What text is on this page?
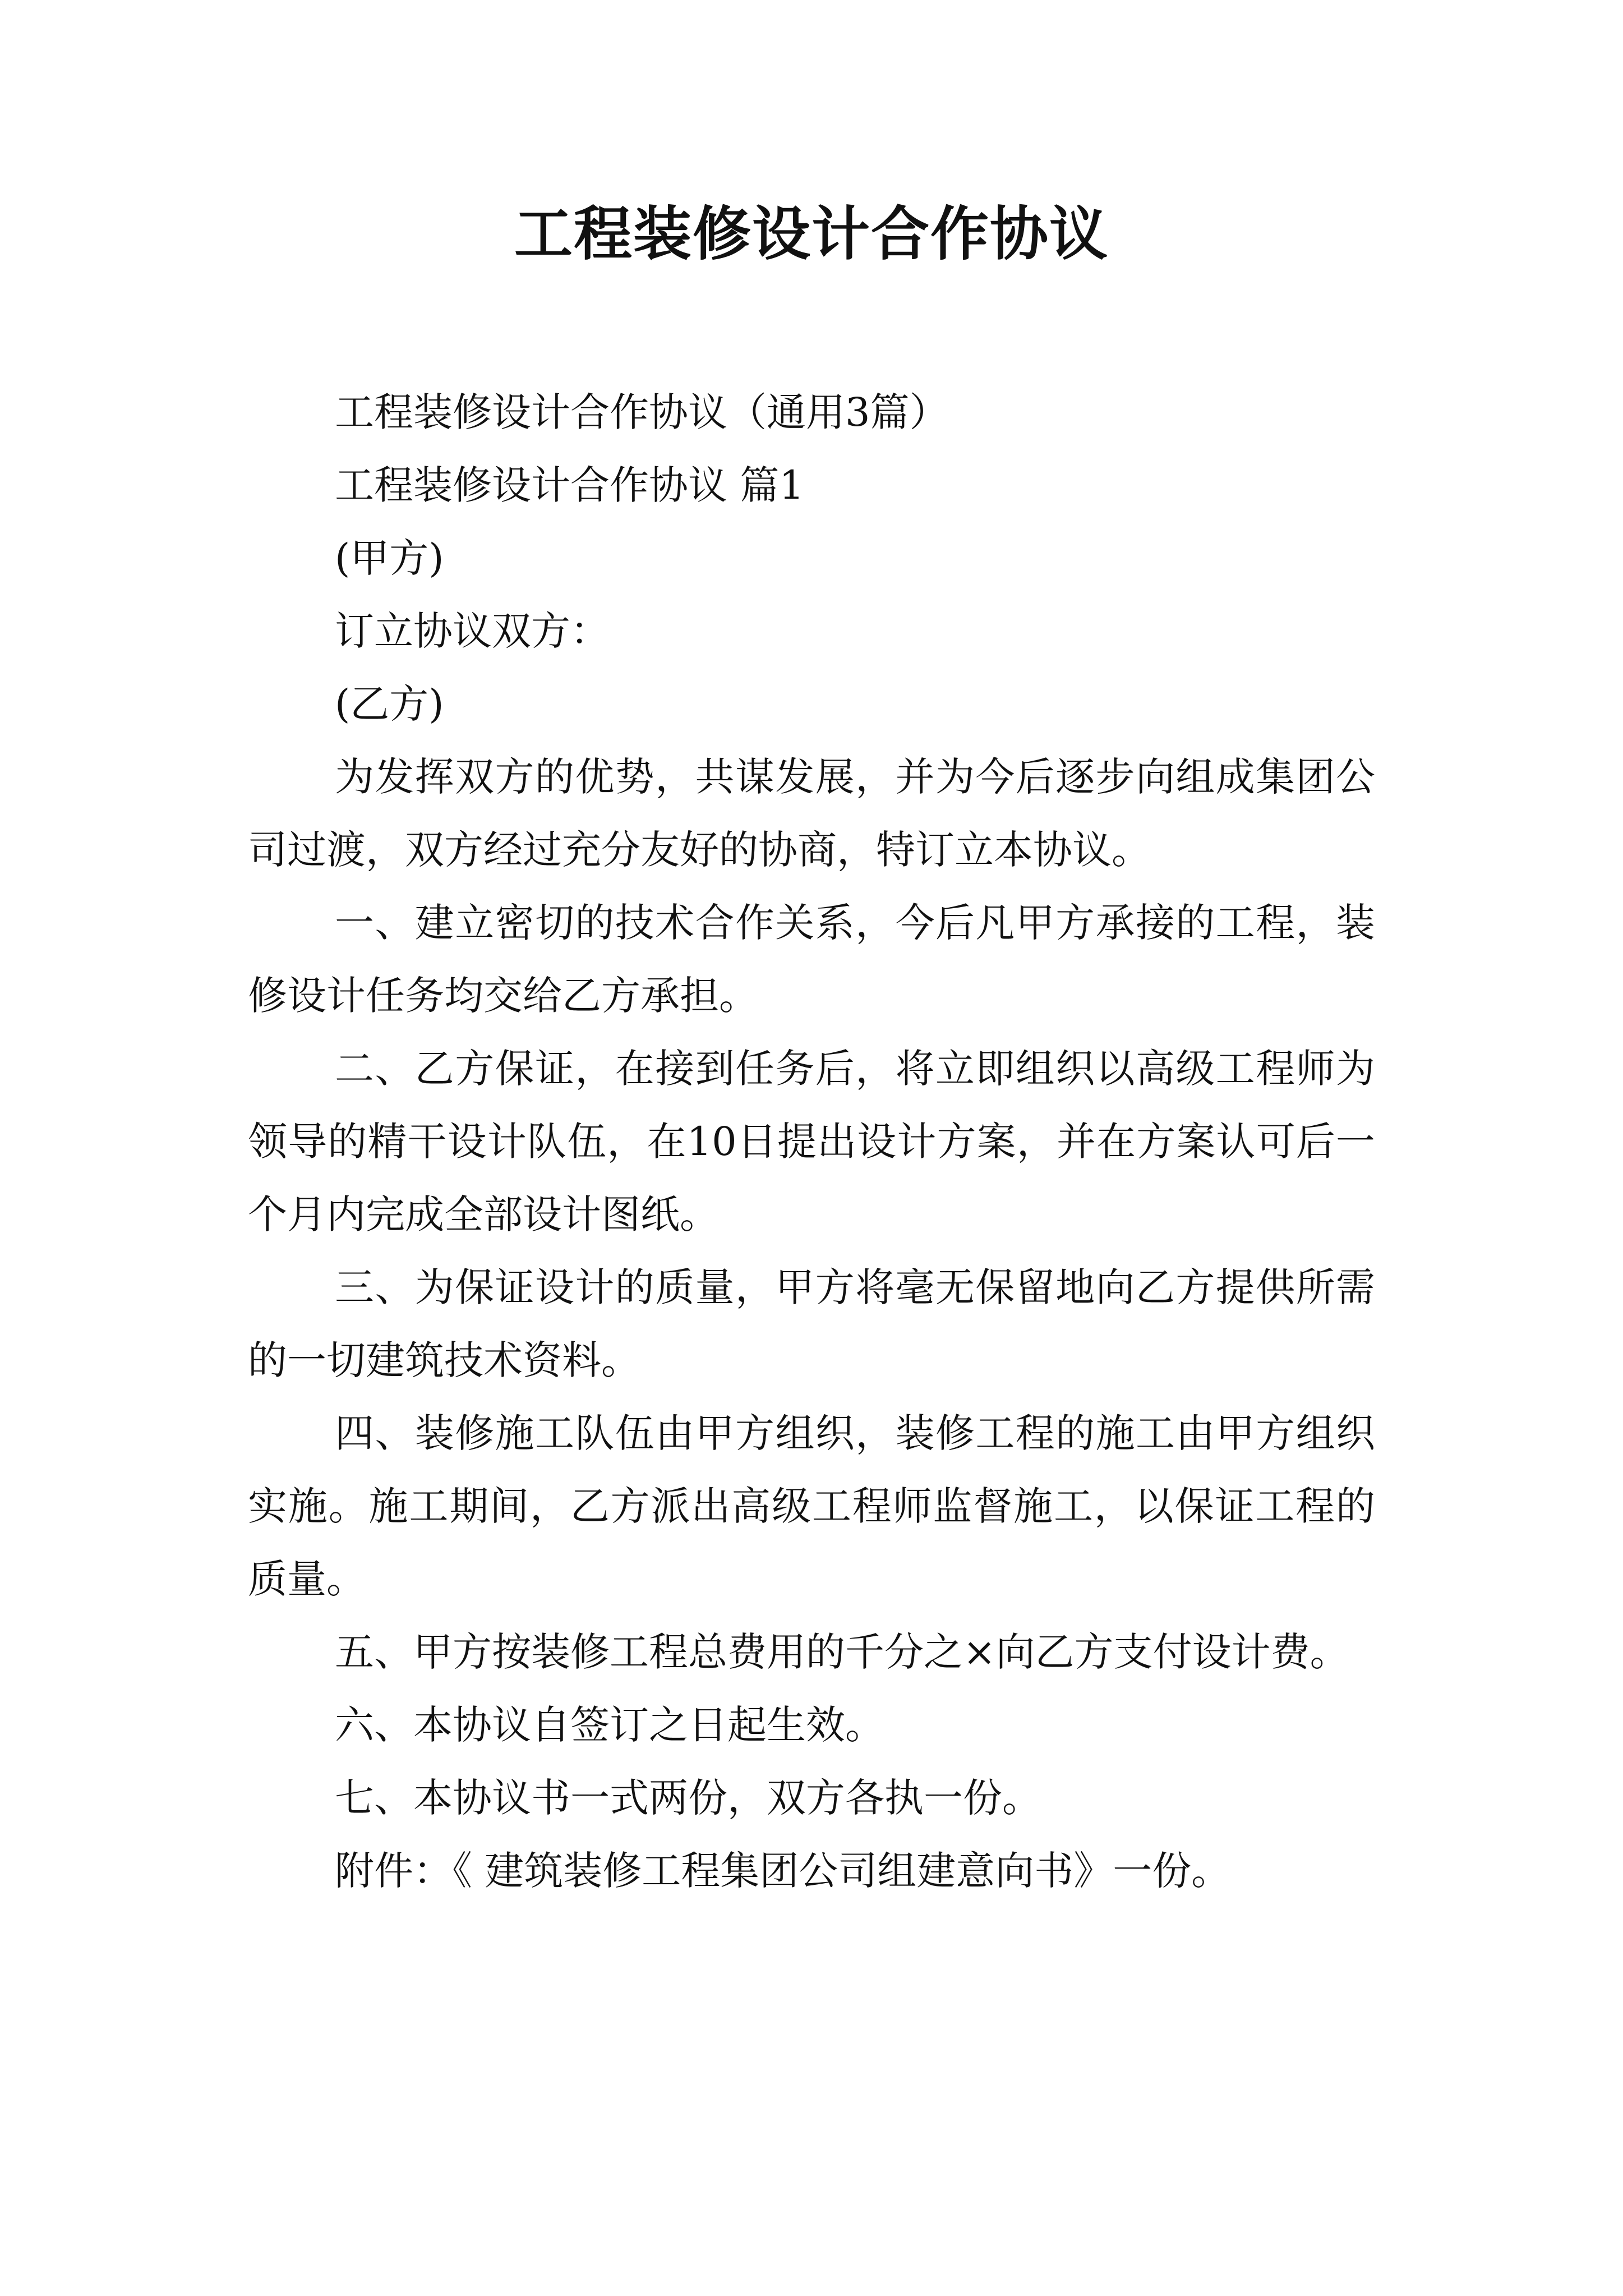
工程装修设计合作协议
工程装修设计合作协议（通用3篇）
工程装修设计合作协议 篇1
(甲方)
订立协议双方：
(乙方)
为发挥双方的优势，共谋发展，并为今后逐步向组成集团公司过渡，双方经过充分友好的协商，特订立本协议。
一、建立密切的技术合作关系，今后凡甲方承接的工程，装修设计任务均交给乙方承担。
二、乙方保证，在接到任务后，将立即组织以高级工程师为领导的精干设计队伍，在10日提出设计方案，并在方案认可后一个月内完成全部设计图纸。
三、为保证设计的质量，甲方将毫无保留地向乙方提供所需的一切建筑技术资料。
四、装修施工队伍由甲方组织，装修工程的施工由甲方组织实施。施工期间，乙方派出高级工程师监督施工，以保证工程的质量。
五、甲方按装修工程总费用的千分之×向乙方支付设计费。
六、本协议自签订之日起生效。
七、本协议书一式两份，双方各执一份。
附件：《 建筑装修工程集团公司组建意向书》一份。
